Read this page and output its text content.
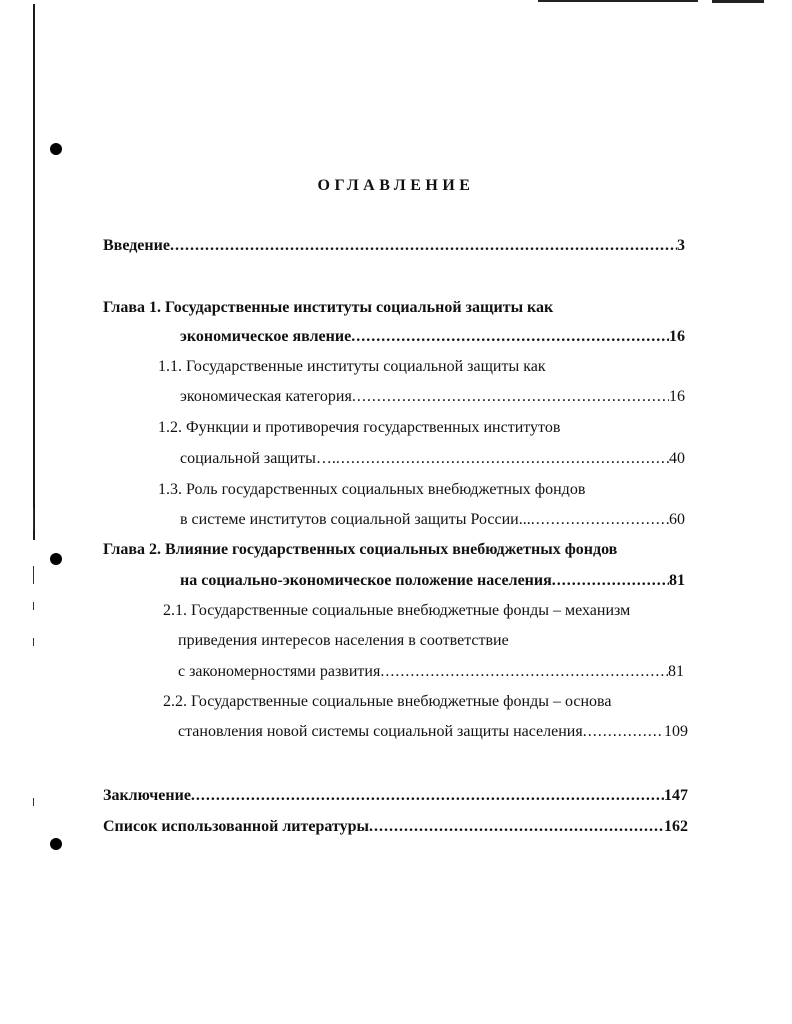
ОГЛАВЛЕНИЕ
Введение .....	3
Глава 1. Государственные институты социальной защиты как
экономическое явление .....	16
1.1. Государственные институты социальной защиты как
экономическая категория .....	16
1.2. Функции и противоречия государственных институтов
социальной защиты…. .....	40
1.3. Роль государственных социальных внебюджетных фондов
в системе институтов социальной защиты России... .....	60
Глава 2. Влияние государственных социальных внебюджетных фондов
на социально-экономическое положение населения .....	81
2.1. Государственные социальные внебюджетные фонды – механизм
приведения интересов населения в соответствие
с закономерностями развития .....	81
2.2. Государственные социальные внебюджетные фонды – основа
становления новой системы социальной защиты населения .....	109
Заключение .....	147
Список использованной литературы .....	162
